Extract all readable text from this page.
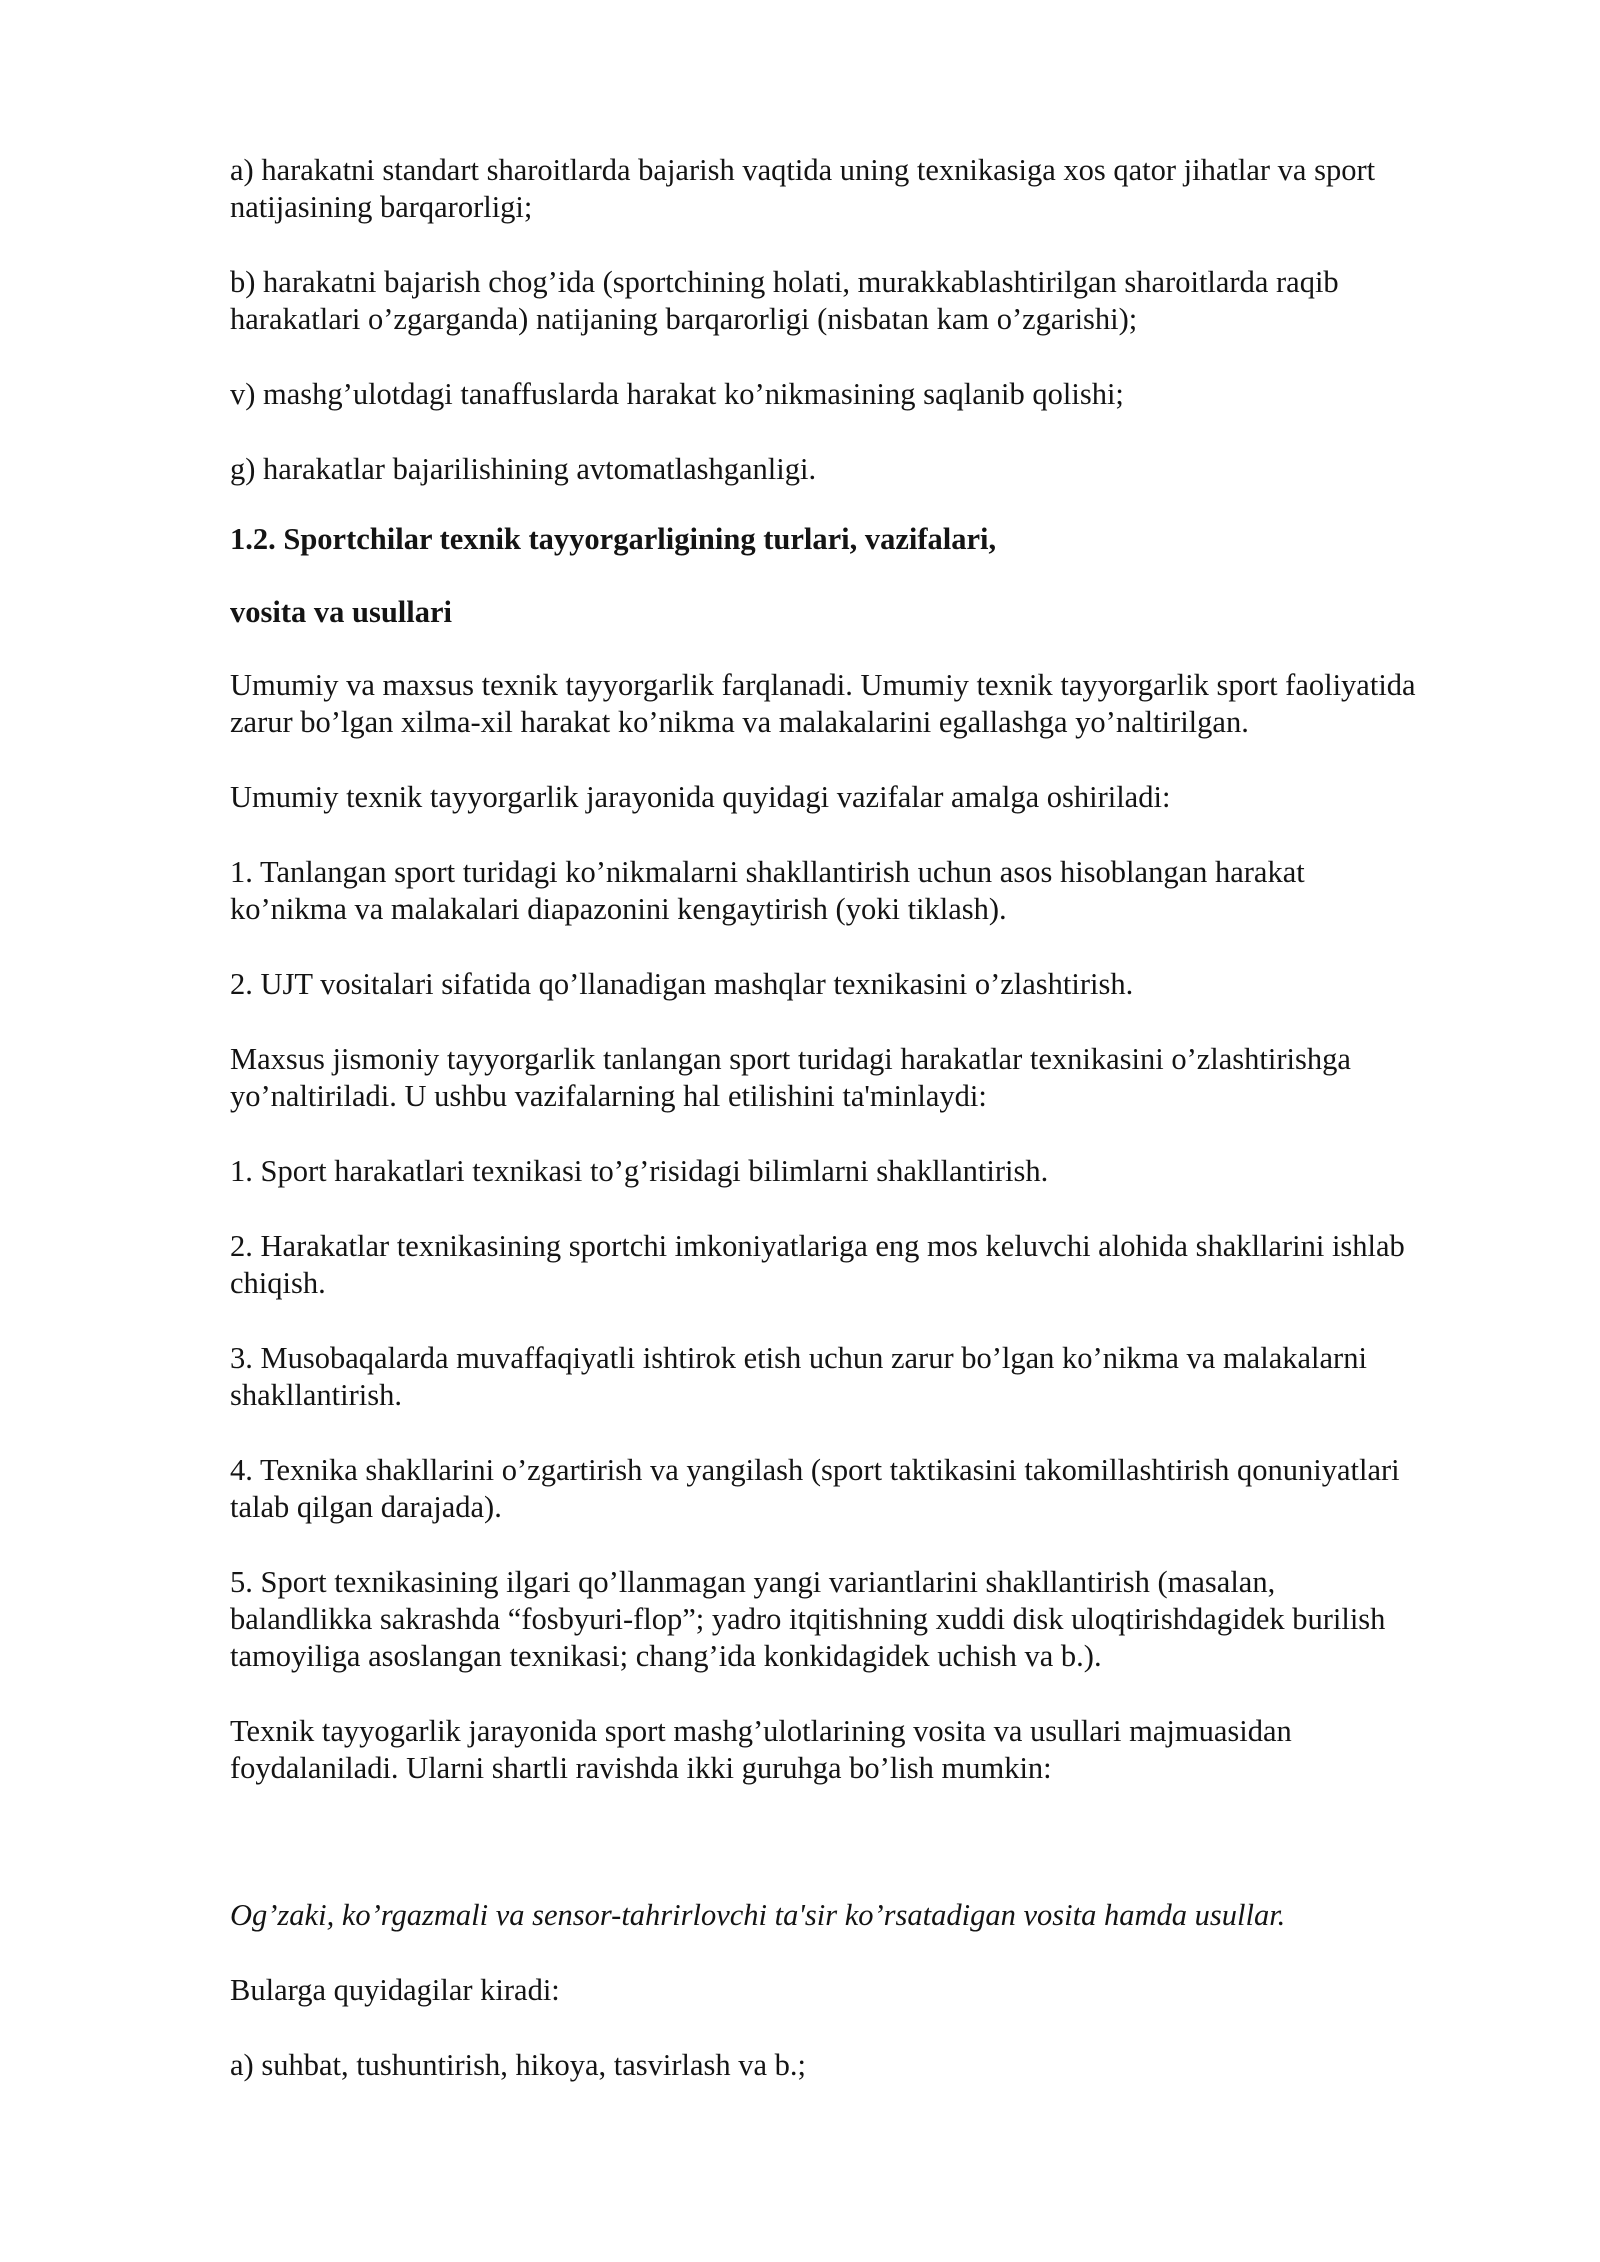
a) harakatni standart sharoitlarda bajarish vaqtida uning texnikasiga xos qator jihatlar va sport
natijasining barqarorligi;

b) harakatni bajarish chog’ida (sportchining holati, murakkablashtirilgan sharoitlarda raqib
harakatlari o’zgarganda) natijaning barqarorligi (nisbatan kam o’zgarishi);

v) mashg’ulotdagi tanaffuslarda harakat ko’nikmasining saqlanib qolishi;

g) harakatlar bajarilishining avtomatlashganligi.

1.2. Sportchilar texnik tayyorgarligining turlari, vazifalari,

vosita va usullari

Umumiy va maxsus texnik tayyorgarlik farqlanadi. Umumiy texnik tayyorgarlik sport faoliyatida
zarur bo’lgan xilma-xil harakat ko’nikma va malakalarini egallashga yo’naltirilgan.

Umumiy texnik tayyorgarlik jarayonida quyidagi vazifalar amalga oshiriladi:

1. Tanlangan sport turidagi ko’nikmalarni shakllantirish uchun asos hisoblangan harakat
ko’nikma va malakalari diapazonini kengaytirish (yoki tiklash).

2. UJT vositalari sifatida qo’llanadigan mashqlar texnikasini o’zlashtirish.

Maxsus jismoniy tayyorgarlik tanlangan sport turidagi harakatlar texnikasini o’zlashtirishga
yo’naltiriladi. U ushbu vazifalarning hal etilishini ta'minlaydi:

1. Sport harakatlari texnikasi to’g’risidagi bilimlarni shakllantirish.

2. Harakatlar texnikasining sportchi imkoniyatlariga eng mos keluvchi alohida shakllarini ishlab
chiqish.

3. Musobaqalarda muvaffaqiyatli ishtirok etish uchun zarur bo’lgan ko’nikma va malakalarni
shakllantirish.

4. Texnika shakllarini o’zgartirish va yangilash (sport taktikasini takomillashtirish qonuniyatlari
talab qilgan darajada).

5. Sport texnikasining ilgari qo’llanmagan yangi variantlarini shakllantirish (masalan,
balandlikka sakrashda “fosbyuri-flop”; yadro itqitishning xuddi disk uloqtirishdagidek burilish
tamoyiliga asoslangan texnikasi; chang’ida konkidagidek uchish va b.).

Texnik tayyogarlik jarayonida sport mashg’ulotlarining vosita va usullari majmuasidan
foydalaniladi. Ularni shartli ravishda ikki guruhga bo’lish mumkin:

Og’zaki, ko’rgazmali va sensor-tahrirlovchi ta'sir ko’rsatadigan vosita hamda usullar.

Bularga quyidagilar kiradi:

a) suhbat, tushuntirish, hikoya, tasvirlash va b.;
